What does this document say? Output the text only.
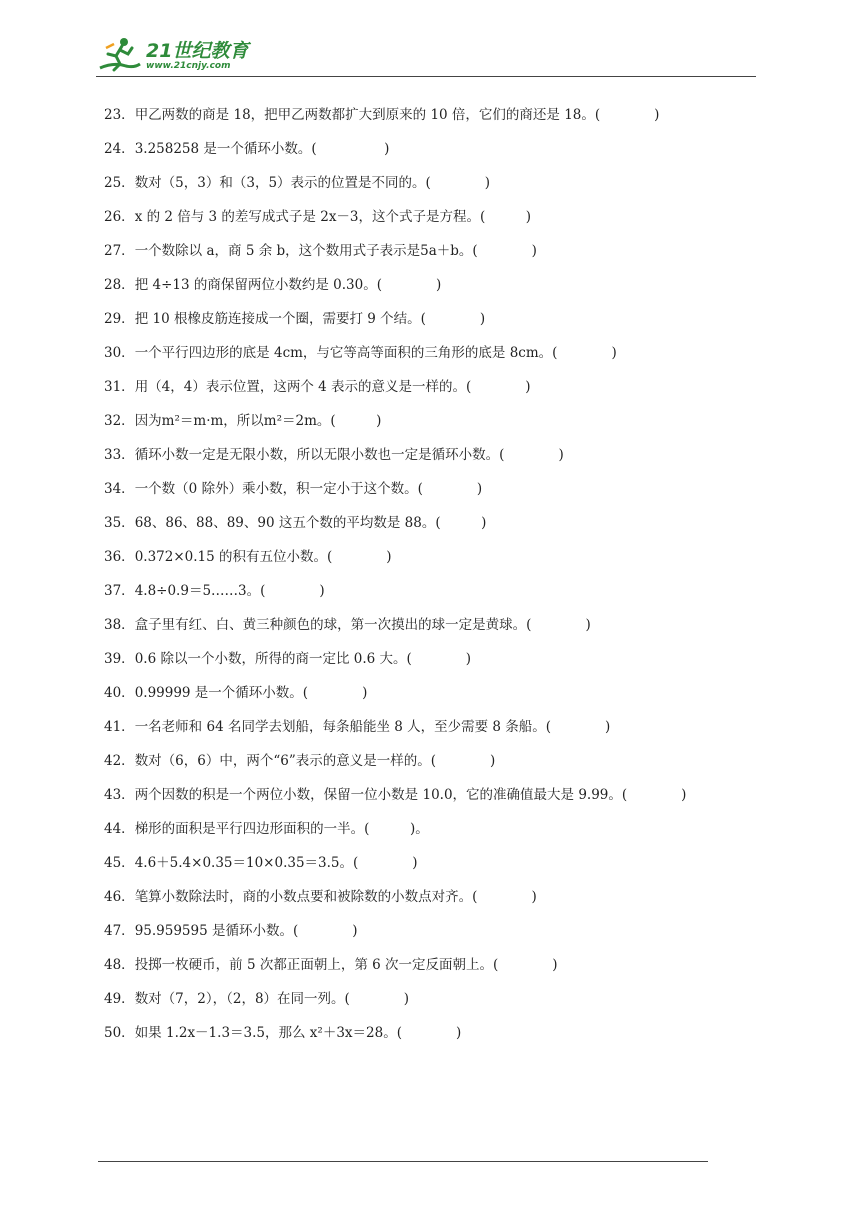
21世纪教育
www.21cnjy.com
23．甲乙两数的商是 18，把甲乙两数都扩大到原来的 10 倍，它们的商还是 18。(　　　　)
24．3.258258 是一个循环小数。(　　　　　)
25．数对（5，3）和（3，5）表示的位置是不同的。(　　　　)
26．x 的 2 倍与 3 的差写成式子是 2x－3，这个式子是方程。(　　　)
27．一个数除以 a，商 5 余 b，这个数用式子表示是5a＋b。(　　　　)
28．把 4÷13 的商保留两位小数约是 0.30。(　　　　)
29．把 10 根橡皮筋连接成一个圈，需要打 9 个结。(　　　　)
30．一个平行四边形的底是 4cm，与它等高等面积的三角形的底是 8cm。(　　　　)
31．用（4，4）表示位置，这两个 4 表示的意义是一样的。(　　　　)
32．因为m²＝m·m，所以m²＝2m。(　　　)
33．循环小数一定是无限小数，所以无限小数也一定是循环小数。(　　　　)
34．一个数（0 除外）乘小数，积一定小于这个数。(　　　　)
35．68、86、88、89、90 这五个数的平均数是 88。(　　　)
36．0.372×0.15 的积有五位小数。(　　　　)
37．4.8÷0.9＝5……3。(　　　　)
38．盒子里有红、白、黄三种颜色的球，第一次摸出的球一定是黄球。(　　　　)
39．0.6 除以一个小数，所得的商一定比 0.6 大。(　　　　)
40．0.99999 是一个循环小数。(　　　　)
41．一名老师和 64 名同学去划船，每条船能坐 8 人，至少需要 8 条船。(　　　　)
42．数对（6，6）中，两个“6”表示的意义是一样的。(　　　　)
43．两个因数的积是一个两位小数，保留一位小数是 10.0，它的准确值最大是 9.99。(　　　　)
44．梯形的面积是平行四边形面积的一半。(　　　)。
45．4.6＋5.4×0.35＝10×0.35＝3.5。(　　　　)
46．笔算小数除法时，商的小数点要和被除数的小数点对齐。(　　　　)
47．95.959595 是循环小数。(　　　　)
48．投掷一枚硬币，前 5 次都正面朝上，第 6 次一定反面朝上。(　　　　)
49．数对（7，2），（2，8）在同一列。(　　　　)
50．如果 1.2x－1.3＝3.5，那么 x²＋3x＝28。(　　　　)
